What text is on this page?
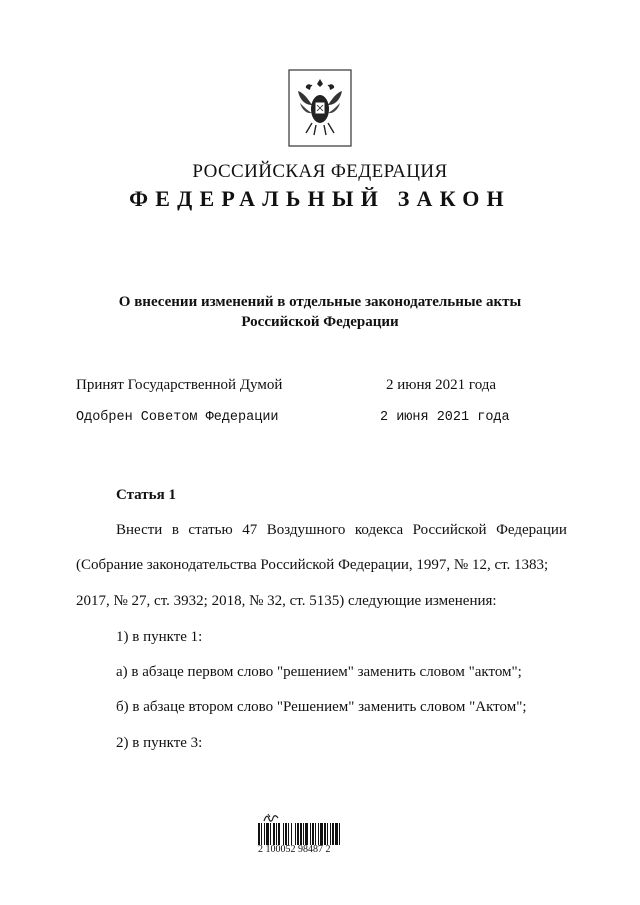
РОССИЙСКАЯ ФЕДЕРАЦИЯ
ФЕДЕРАЛЬНЫЙ ЗАКОН
О внесении изменений в отдельные законодательные акты
Российской Федерации
Принят Государственной Думой	2 июня 2021 года
Одобрен Советом Федерации	2 июня 2021 года
Статья 1
Внести в статью 47 Воздушного кодекса Российской Федерации
(Собрание законодательства Российской Федерации, 1997, № 12, ст. 1383;
2017, № 27, ст. 3932; 2018, № 32, ст. 5135) следующие изменения:
1) в пункте 1:
а) в абзаце первом слово "решением" заменить словом "актом";
б) в абзаце втором слово "Решением" заменить словом "Актом";
2) в пункте 3:
2 100052 98487 2
